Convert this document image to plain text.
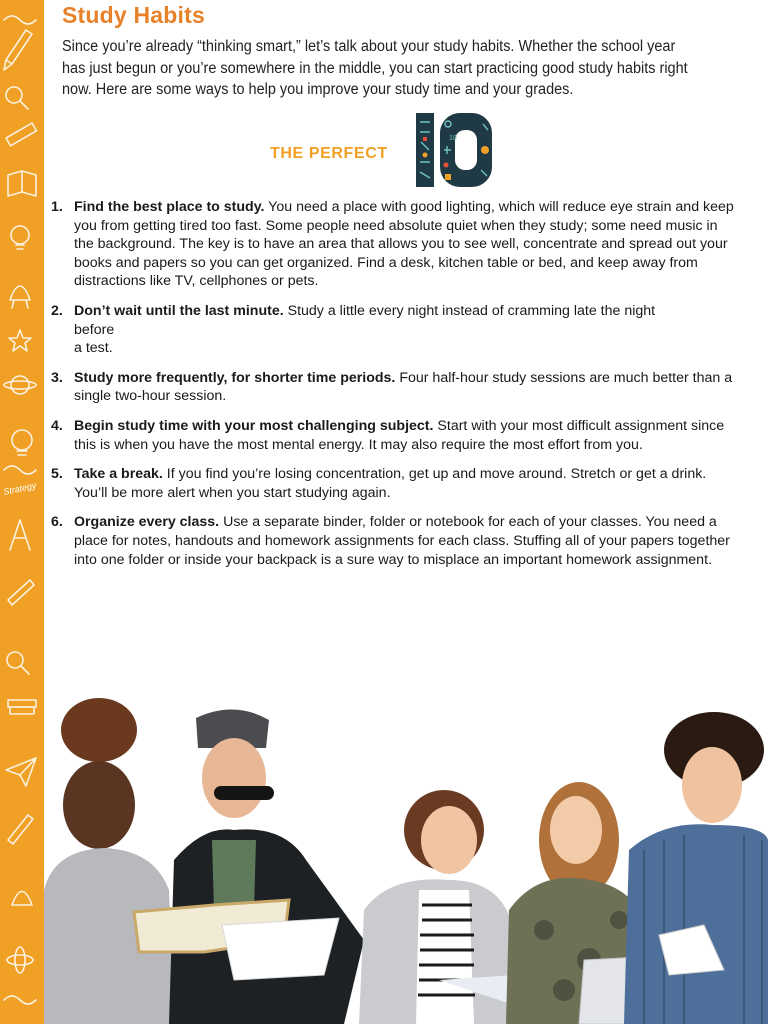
Strategy
Study Habits

Since you’re already “thinking smart,” let’s talk about your study habits. Whether the school year has just begun or you’re somewhere in the middle, you can start practicing good study habits right now. Here are some ways to help you improve your study time and your grades.

THE PERFECT
10
1. Find the best place to study. You need a place with good lighting, which will reduce eye strain and keep you from getting tired too fast. Some people need absolute quiet when they study; some need music in the background. The key is to have an area that allows you to see well, concentrate and spread out your books and papers so you can get organized. Find a desk, kitchen table or bed, and keep away from distractions like TV, cellphones or pets.
2. Don’t wait until the last minute. Study a little every night instead of cramming late the night
before
a test.
3. Study more frequently, for shorter time periods. Four half-hour study sessions are much better than a single two-hour session.
4. Begin study time with your most challenging subject. Start with your most difficult assignment since this is when you have the most mental energy. It may also require the most effort from you.
5. Take a break. If you find you’re losing concentration, get up and move around. Stretch or get a drink. You’ll be more alert when you start studying again.
6. Organize every class. Use a separate binder, folder or notebook for each of your classes. You need a place for notes, handouts and homework assignments for each class. Stuffing all of your papers together into one folder or inside your backpack is a sure way to misplace an important homework assignment.
